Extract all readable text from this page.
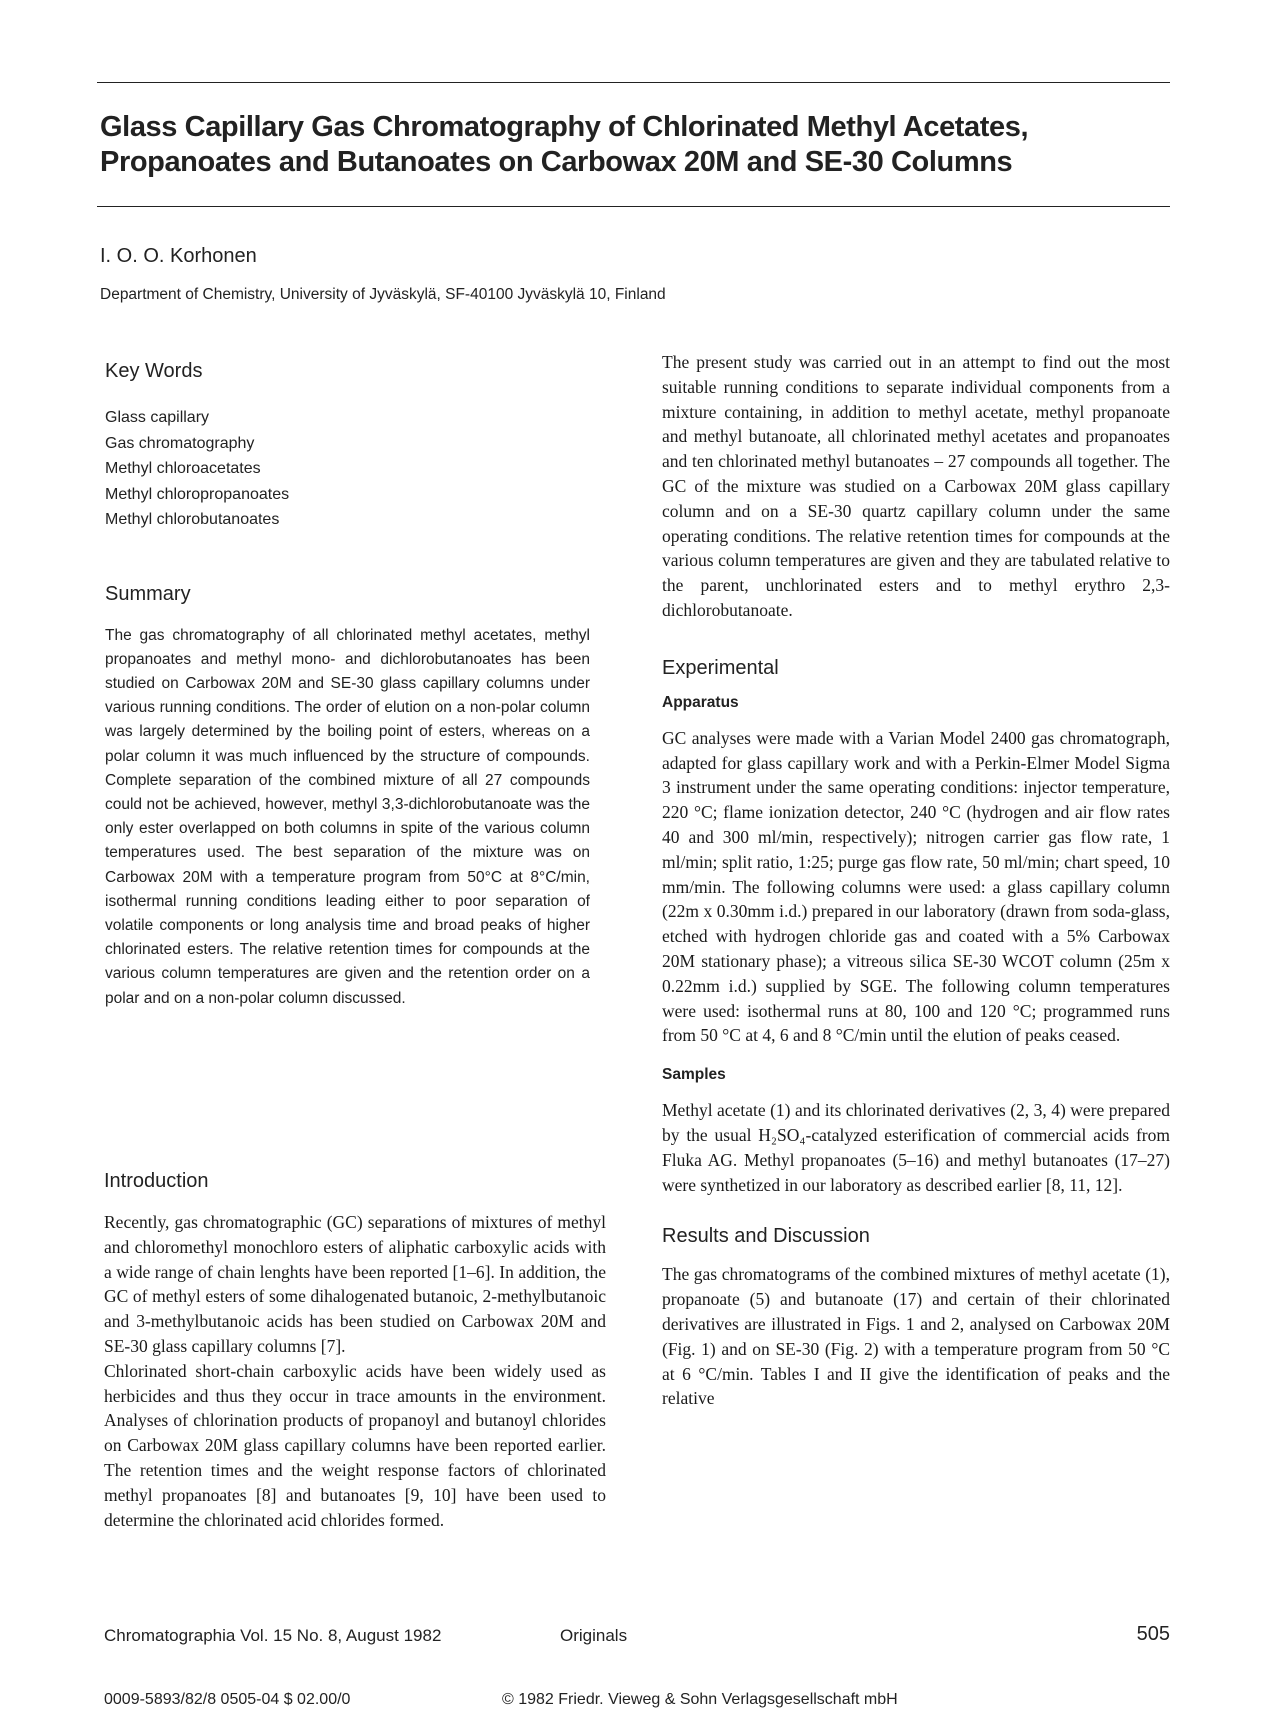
Glass Capillary Gas Chromatography of Chlorinated Methyl Acetates, Propanoates and Butanoates on Carbowax 20M and SE-30 Columns

I. O. O. Korhonen

Department of Chemistry, University of Jyväskylä, SF-40100 Jyväskylä 10, Finland

Key Words
Glass capillary
Gas chromatography
Methyl chloroacetates
Methyl chloropropanoates
Methyl chlorobutanoates
Summary

The gas chromatography of all chlorinated methyl acetates, methyl propanoates and methyl mono- and dichlorobutanoates has been studied on Carbowax 20M and SE-30 glass capillary columns under various running conditions. The order of elution on a non-polar column was largely determined by the boiling point of esters, whereas on a polar column it was much influenced by the structure of compounds. Complete separation of the combined mixture of all 27 compounds could not be achieved, however, methyl 3,3-dichlorobutanoate was the only ester overlapped on both columns in spite of the various column temperatures used. The best separation of the mixture was on Carbowax 20M with a temperature program from 50°C at 8°C/min, isothermal running conditions leading either to poor separation of volatile components or long analysis time and broad peaks of higher chlorinated esters. The relative retention times for compounds at the various column temperatures are given and the retention order on a polar and on a non-polar column discussed.

Introduction

Recently, gas chromatographic (GC) separations of mixtures of methyl and chloromethyl monochloro esters of aliphatic carboxylic acids with a wide range of chain lenghts have been reported [1–6]. In addition, the GC of methyl esters of some dihalogenated butanoic, 2-methylbutanoic and 3-methylbutanoic acids has been studied on Carbowax 20M and SE-30 glass capillary columns [7].

Chlorinated short-chain carboxylic acids have been widely used as herbicides and thus they occur in trace amounts in the environment. Analyses of chlorination products of propanoyl and butanoyl chlorides on Carbowax 20M glass capillary columns have been reported earlier. The retention times and the weight response factors of chlorinated methyl propanoates [8] and butanoates [9, 10] have been used to determine the chlorinated acid chlorides formed.

The present study was carried out in an attempt to find out the most suitable running conditions to separate individual components from a mixture containing, in addition to methyl acetate, methyl propanoate and methyl butanoate, all chlorinated methyl acetates and propanoates and ten chlorinated methyl butanoates – 27 compounds all together. The GC of the mixture was studied on a Carbowax 20M glass capillary column and on a SE-30 quartz capillary column under the same operating conditions. The relative retention times for compounds at the various column temperatures are given and they are tabulated relative to the parent, unchlorinated esters and to methyl erythro 2,3-dichlorobutanoate.

Experimental
Apparatus

GC analyses were made with a Varian Model 2400 gas chromatograph, adapted for glass capillary work and with a Perkin-Elmer Model Sigma 3 instrument under the same operating conditions: injector temperature, 220 °C; flame ionization detector, 240 °C (hydrogen and air flow rates 40 and 300 ml/min, respectively); nitrogen carrier gas flow rate, 1 ml/min; split ratio, 1:25; purge gas flow rate, 50 ml/min; chart speed, 10 mm/min. The following columns were used: a glass capillary column (22m x 0.30mm i.d.) prepared in our laboratory (drawn from soda-glass, etched with hydrogen chloride gas and coated with a 5% Carbowax 20M stationary phase); a vitreous silica SE-30 WCOT column (25m x 0.22mm i.d.) supplied by SGE. The following column temperatures were used: isothermal runs at 80, 100 and 120 °C; programmed runs from 50 °C at 4, 6 and 8 °C/min until the elution of peaks ceased.

Samples

Methyl acetate (1) and its chlorinated derivatives (2, 3, 4) were prepared by the usual H₂SO₄-catalyzed esterification of commercial acids from Fluka AG. Methyl propanoates (5–16) and methyl butanoates (17–27) were synthetized in our laboratory as described earlier [8, 11, 12].

Results and Discussion

The gas chromatograms of the combined mixtures of methyl acetate (1), propanoate (5) and butanoate (17) and certain of their chlorinated derivatives are illustrated in Figs. 1 and 2, analysed on Carbowax 20M (Fig. 1) and on SE-30 (Fig. 2) with a temperature program from 50 °C at 6 °C/min. Tables I and II give the identification of peaks and the relative

Chromatographia Vol. 15 No. 8, August 1982	Originals	505
0009-5893/82/8 0505-04 $ 02.00/0	© 1982 Friedr. Vieweg & Sohn Verlagsgesellschaft mbH
